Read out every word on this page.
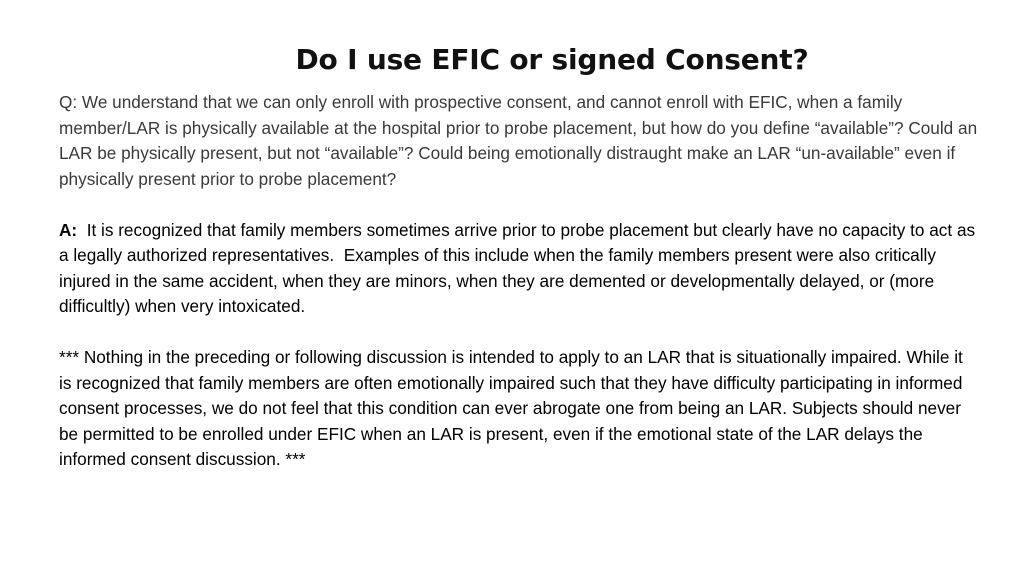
Do I use EFIC or signed Consent?

Q: We understand that we can only enroll with prospective consent, and cannot enroll with EFIC, when a family member/LAR is physically available at the hospital prior to probe placement, but how do you define “available”? Could an LAR be physically present, but not “available”? Could being emotionally distraught make an LAR “un-available” even if physically present prior to probe placement?

A:  It is recognized that family members sometimes arrive prior to probe placement but clearly have no capacity to act as a legally authorized representatives.  Examples of this include when the family members present were also critically injured in the same accident, when they are minors, when they are demented or developmentally delayed, or (more difficultly) when very intoxicated.

*** Nothing in the preceding or following discussion is intended to apply to an LAR that is situationally impaired. While it is recognized that family members are often emotionally impaired such that they have difficulty participating in informed consent processes, we do not feel that this condition can ever abrogate one from being an LAR. Subjects should never be permitted to be enrolled under EFIC when an LAR is present, even if the emotional state of the LAR delays the informed consent discussion. ***
